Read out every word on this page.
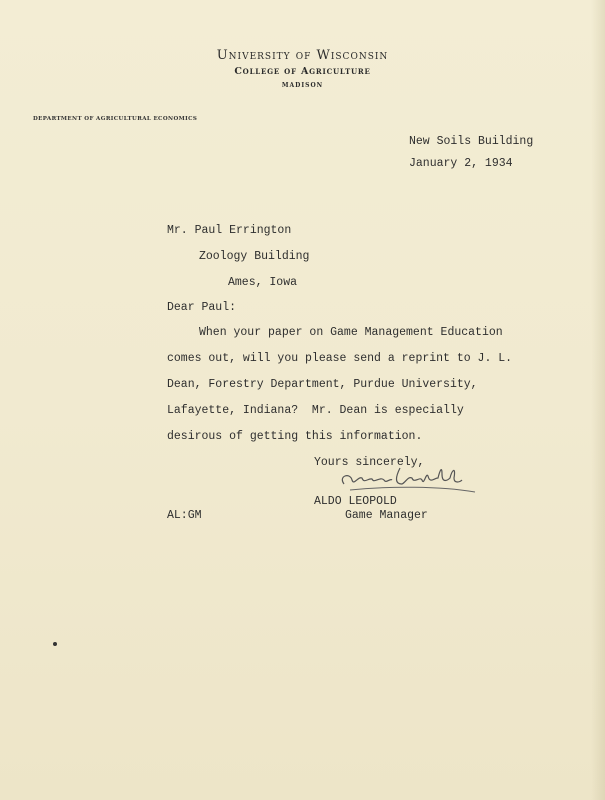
University of Wisconsin
College of Agriculture
MADISON
DEPARTMENT OF AGRICULTURAL ECONOMICS
New Soils Building
January 2, 1934
Mr. Paul Errington
Zoology Building
Ames, Iowa
Dear Paul:
When your paper on Game Management Education
comes out, will you please send a reprint to J. L.
Dean, Forestry Department, Purdue University,
Lafayette, Indiana?  Mr. Dean is especially
desirous of getting this information.
Yours sincerely,
ALDO LEOPOLD
Game Manager
AL:GM
